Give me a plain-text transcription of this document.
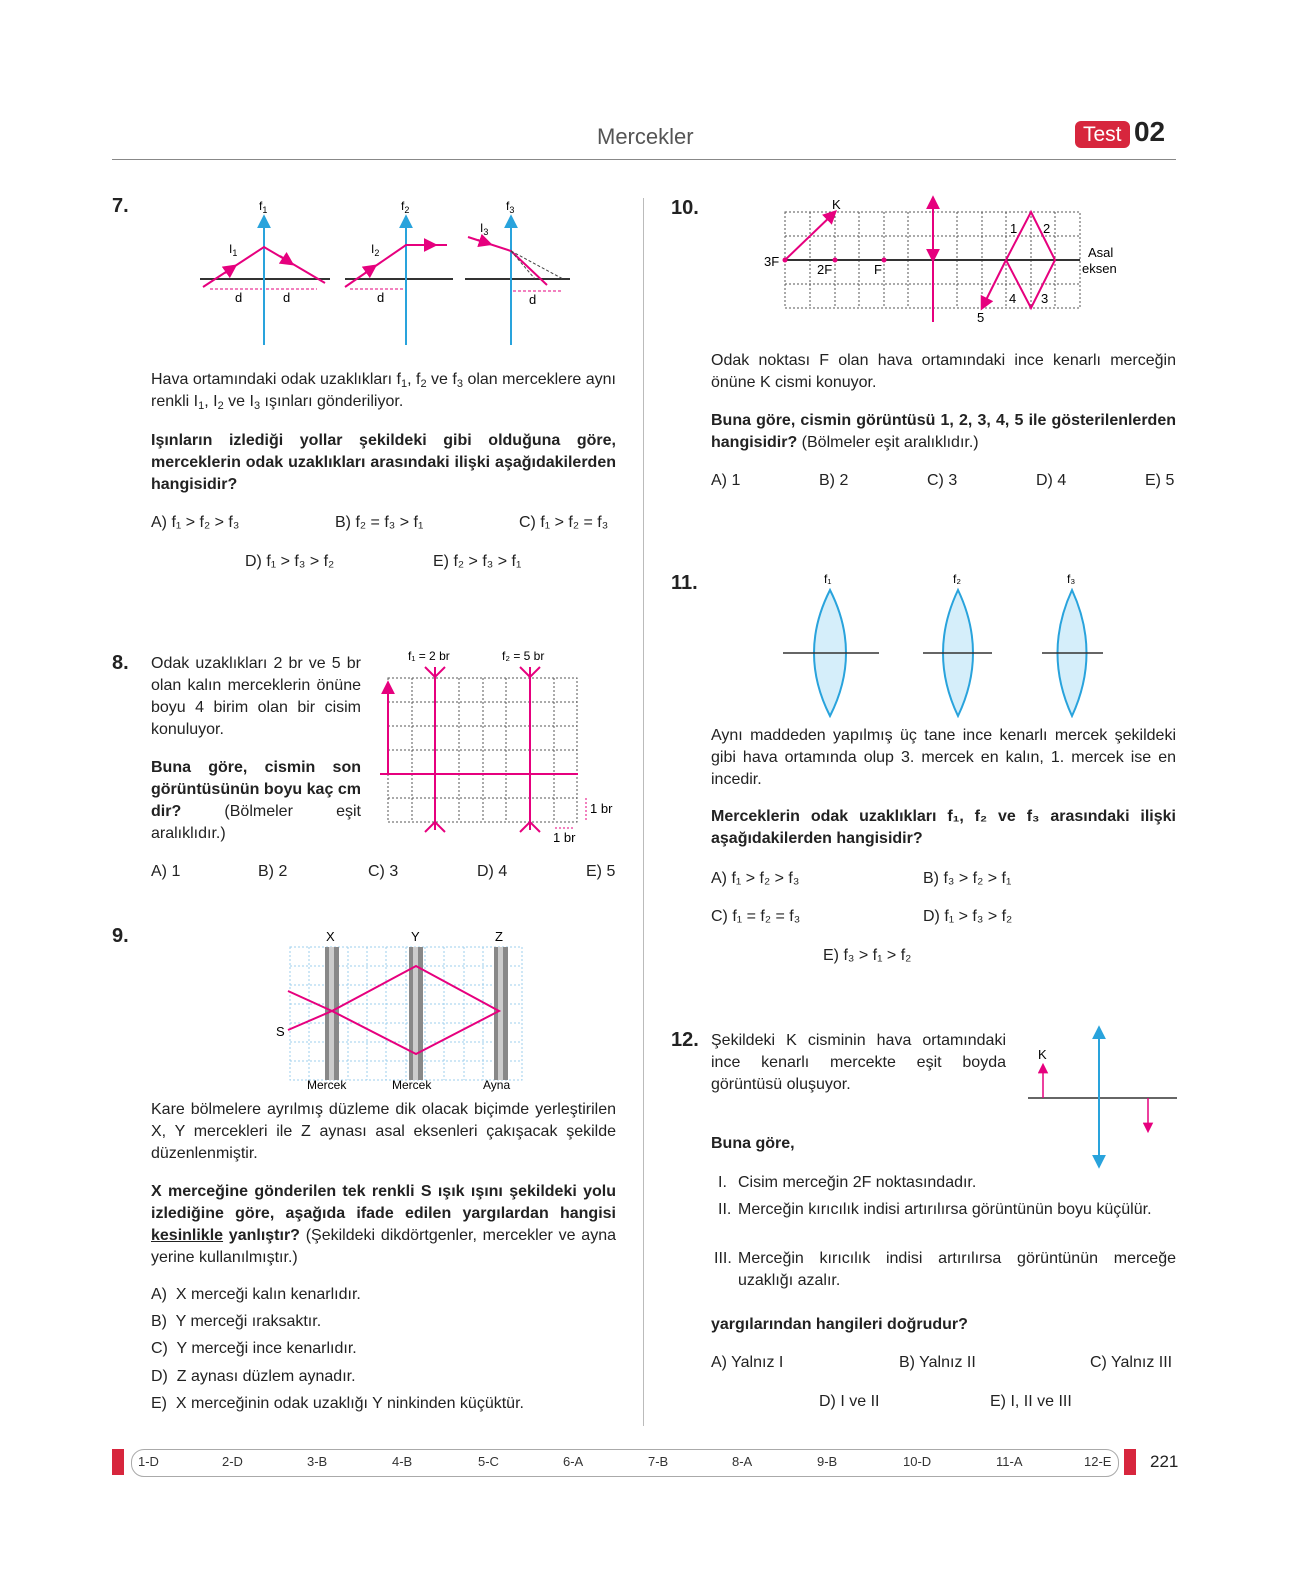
Mercekler	Test 02
7.
d	d
$f_1$
$I_1$
d
$f_2$
$I_2$
d
$f_3$
$I_3$
Hava ortamındaki odak uzaklıkları $f_1$, $f_2$ ve $f_3$ olan merceklere aynı renkli $I_1$, $I_2$ ve $I_3$ ışınları gönderiliyor.
Işınların izlediği yollar şekildeki gibi olduğuna göre, merceklerin odak uzaklıkları arasındaki ilişki aşağıdakilerden hangisidir?
A) f₁ > f₂ > f₃	B) f₂ = f₃ > f₁	C) f₁ > f₂ = f₃
D) f₁ > f₃ > f₂	E) f₂ > f₃ > f₁
8. Odak uzaklıkları 2 br ve 5 br olan kalın merceklerin önüne boyu 4 birim olan bir cisim konuluyor.
Buna göre, cismin son görüntüsünün boyu kaç cm dir? (Bölmeler eşit aralıklıdır.)
f₁ = 2 br	f₂ = 5 br
1 br
1 br
A) 1	B) 2	C) 3	D) 4	E) 5
9.	X	Y	Z
S
Mercek	Mercek	Ayna
Kare bölmelere ayrılmış düzleme dik olacak biçimde yerleştirilen X, Y mercekleri ile Z aynası asal eksenleri çakışacak şekilde düzenlenmiştir.
X merceğine gönderilen tek renkli S ışık ışını şekildeki yolu izlediğine göre, aşağıda ifade edilen yargılardan hangisi kesinlikle yanlıştır? (Şekildeki dikdörtgenler, mercekler ve ayna yerine kullanılmıştır.)
A) X merceği kalın kenarlıdır.
B) Y merceği ıraksaktır.
C) Y merceği ince kenarlıdır.
D) Z aynası düzlem aynadır.
E) X merceğinin odak uzaklığı Y ninkinden küçüktür.
10.	K
3F
2F	F
1 2
3
4
5
Asal
eksen
Odak noktası F olan hava ortamındaki ince kenarlı merceğin önüne K cismi konuyor.
Buna göre, cismin görüntüsü 1, 2, 3, 4, 5 ile gösterilenlerden hangisidir? (Bölmeler eşit aralıklıdır.)
A) 1	B) 2	C) 3	D) 4	E) 5
11.	f₁	f₂	f₃
Aynı maddeden yapılmış üç tane ince kenarlı mercek şekildeki gibi hava ortamında olup 3. mercek en kalın, 1. mercek ise en incedir.
Merceklerin odak uzaklıkları f₁, f₂ ve f₃ arasındaki ilişki aşağıdakilerden hangisidir?
A) f₁ > f₂ > f₃	B) f₃ > f₂ > f₁
C) f₁ = f₂ = f₃	D) f₁ > f₃ > f₂
E) f₃ > f₁ > f₂
12. Şekildeki K cisminin hava ortamındaki ince kenarlı mercekte eşit boyda görüntüsü oluşuyor.
K
Buna göre,
I. Cisim merceğin 2F noktasındadır.
II. Merceğin kırıcılık indisi artırılırsa görüntünün boyu küçülür.
III. Merceğin kırıcılık indisi artırılırsa görüntünün merceğe uzaklığı azalır.
yargılarından hangileri doğrudur?
A) Yalnız I	B) Yalnız II	C) Yalnız III
D) I ve II	E) I, II ve III
1-D	2-D	3-B	4-B	5-C	6-A	7-B	8-A	9-B	10-D	11-A	12-E 221
